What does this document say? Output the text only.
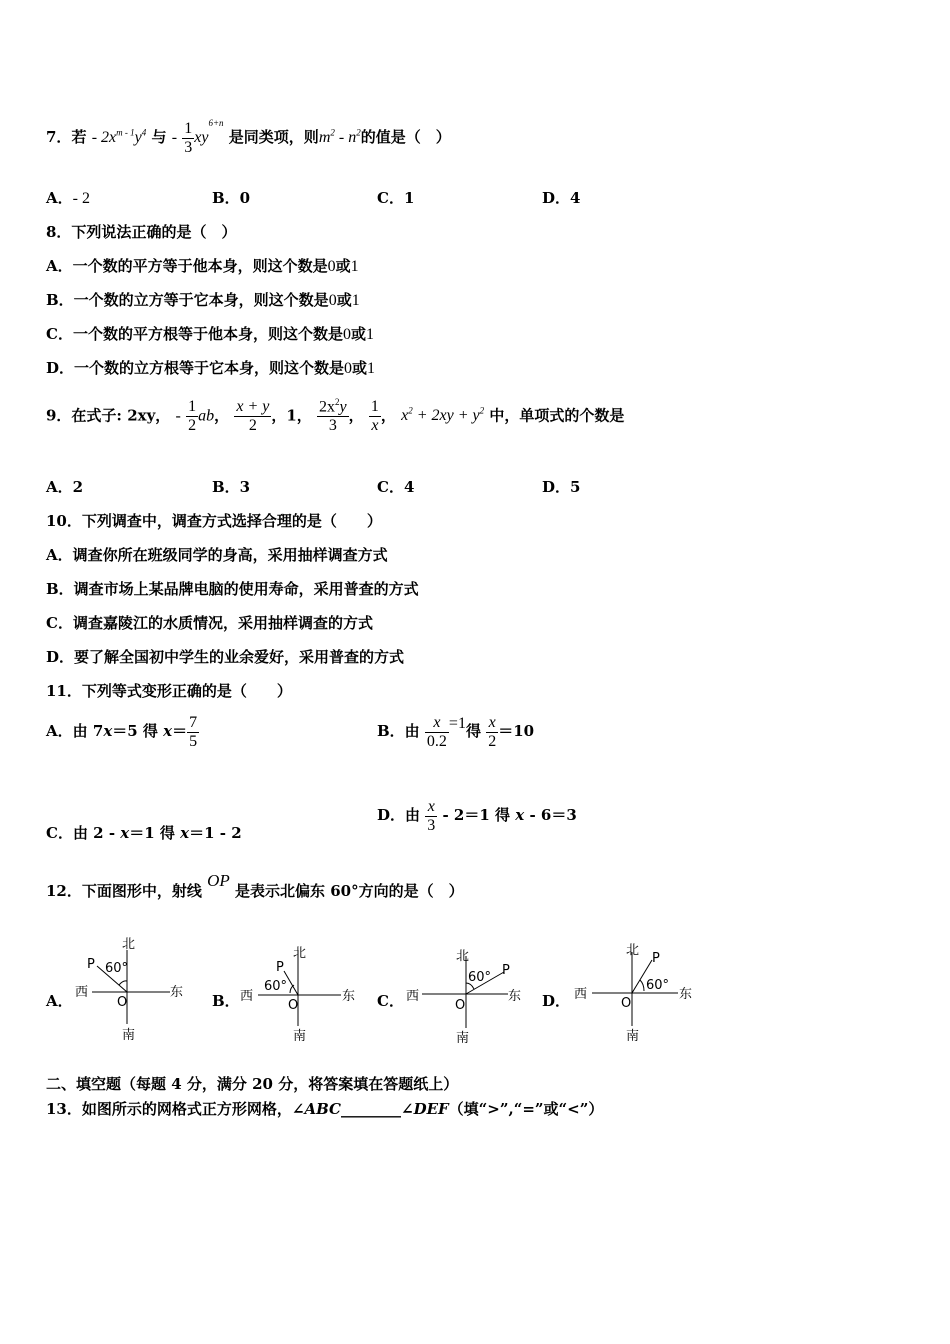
7．若 - $2x^{m - 1}y^4$ 与 - $\frac{1}{3} xy^{6+n}$ 是同类项，则$m^2 - n^2$的值是（　）
A．- 2	B．0	C．1	D．4
8．下列说法正确的是（　）
A．一个数的平方等于他本身，则这个数是0或1
B．一个数的立方等于它本身，则这个数是0或1
C．一个数的平方根等于他本身，则这个数是0或1
D．一个数的立方根等于它本身，则这个数是0或1
9．在式子: 2xy， - $\frac{1}{2}$ ab， $\frac{x + y}{2}$ ，1， $\frac{2x^2y}{3}$ ， $\frac{1}{x}$ ， $x^2 + 2xy + y^2$ 中，单项式的个数是
A．2	B．3	C．4	D．5
10．下列调查中，调查方式选择合理的是（　　）
A．调查你所在班级同学的身高，采用抽样调查方式
B．调查市场上某品牌电脑的使用寿命，采用普查的方式
C．调查嘉陵江的水质情况，采用抽样调查的方式
D．要了解全国初中学生的业余爱好，采用普查的方式
11．下列等式变形正确的是（　　）
A．由 7x＝5 得 $x= \frac{7}{5}$	B．由 $\frac{x}{0.2} =1$得 $\frac{x}{2} =10$
C．由 2 - x＝1 得 x＝1 - 2
D．由 $\frac{x}{3} - 2=1$ 得 x - 6＝3
12．下面图形中，射线 OP 是表示北偏东 60°方向的是（　）
A．
北
南
东
西
O
P 60°
B．
北
南
东
西
O
P
60°
C．
北
南
东
西
O
P
60°
D．
北
南
东
西
O
P
60°
二、填空题（每题 4 分，满分 20 分，将答案填在答题纸上）
13．如图所示的网格式正方形网格，∠ABC________∠DEF（填“>”,“=”或“<”）
